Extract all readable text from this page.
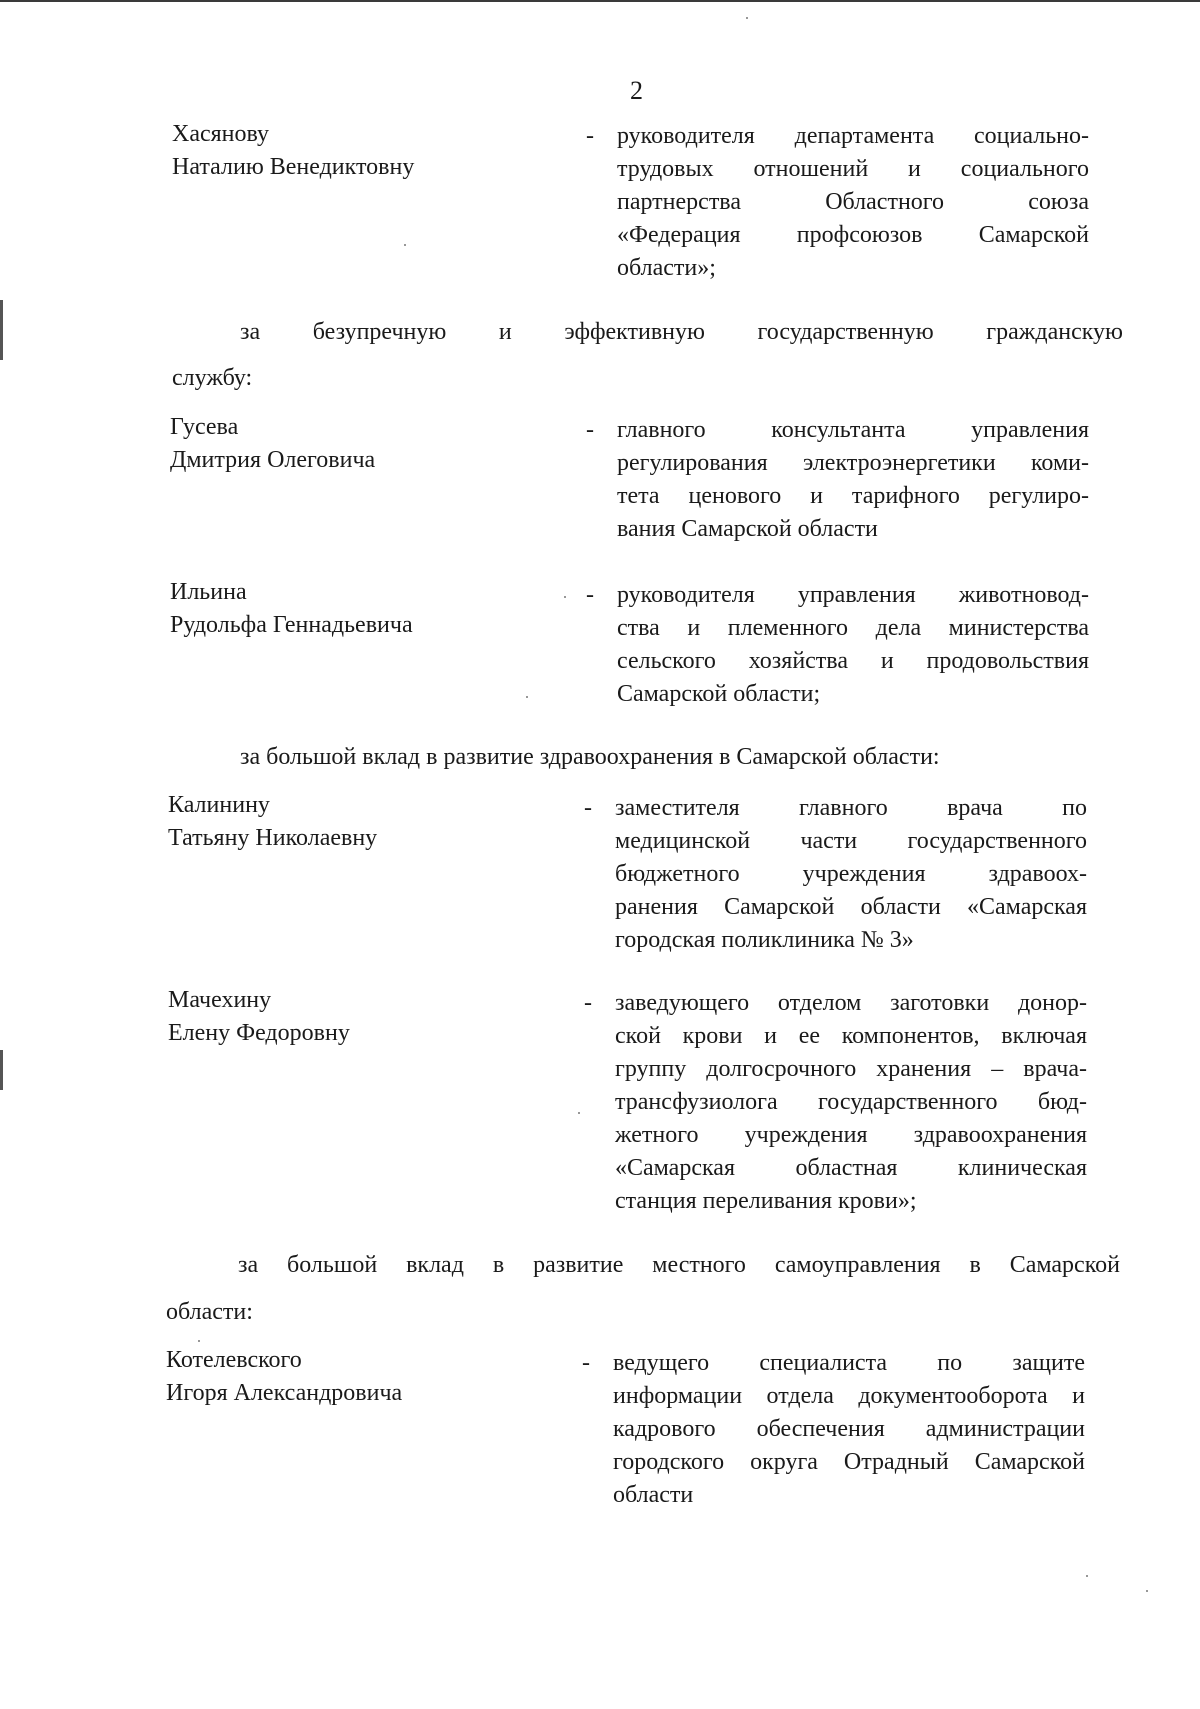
2
Хасянову
Наталию Венедиктовну
- руководителя департамента социально-
трудовых отношений и социального
партнерства Областного союза
«Федерация профсоюзов Самарской
области»;
за безупречную и эффективную государственную гражданскую
службу:
Гусева
Дмитрия Олеговича
- главного консультанта управления
регулирования электроэнергетики коми-
тета ценового и тарифного регулиро-
вания Самарской области
Ильина
Рудольфа Геннадьевича
- руководителя управления животновод-
ства и племенного дела министерства
сельского хозяйства и продовольствия
Самарской области;
за большой вклад в развитие здравоохранения в Самарской области:
Калинину
Татьяну Николаевну
- заместителя главного врача по
медицинской части государственного
бюджетного учреждения здравоох-
ранения Самарской области «Самарская
городская поликлиника № 3»
Мачехину
Елену Федоровну
- заведующего отделом заготовки донор-
ской крови и ее компонентов, включая
группу долгосрочного хранения – врача-
трансфузиолога государственного бюд-
жетного учреждения здравоохранения
«Самарская областная клиническая
станция переливания крови»;
за большой вклад в развитие местного самоуправления в Самарской
области:
Котелевского
Игоря Александровича
- ведущего специалиста по защите
информации отдела документооборота и
кадрового обеспечения администрации
городского округа Отрадный Самарской
области
